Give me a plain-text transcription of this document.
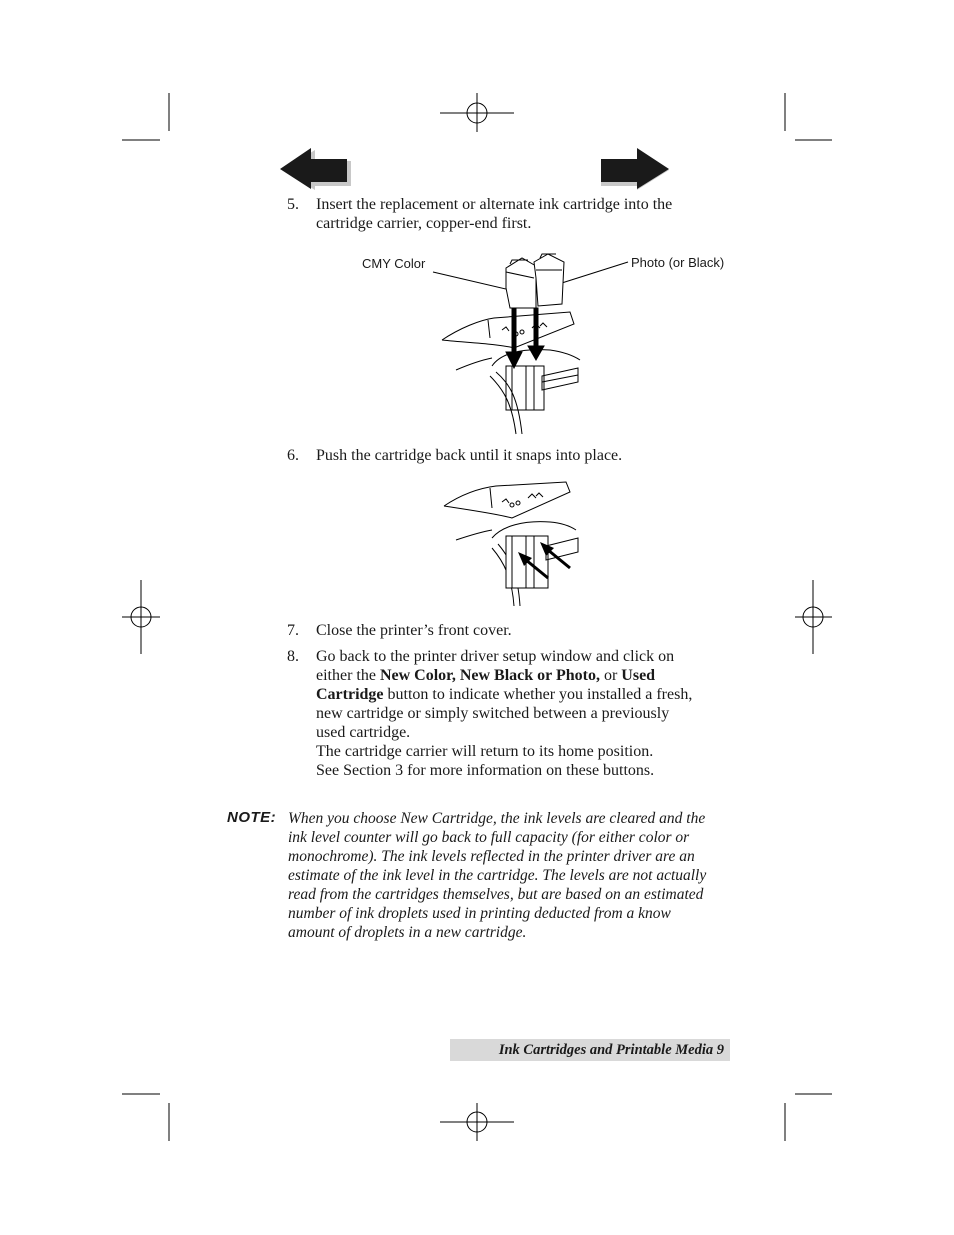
5. Insert the replacement or alternate ink cartridge into the

cartridge carrier, copper-end first.

CMY Color	Photo (or Black)
6. Push the cartridge back until it snaps into place.
7. Close the printer’s front cover.
8. Go back to the printer driver setup window and click on

either the New Color, New Black or Photo, or Used

Cartridge button to indicate whether you installed a fresh,

new cartridge or simply switched between a previously

used cartridge.

The cartridge carrier will return to its home position.

See Section 3 for more information on these buttons.

NOTE: When you choose New Cartridge, the ink levels are cleared and the
ink level counter will go back to full capacity (for either color or
monochrome). The ink levels reflected in the printer driver are an
estimate of the ink level in the cartridge. The levels are not actually
read from the cartridges themselves, but are based on an estimated
number of ink droplets used in printing deducted from a know
amount of droplets in a new cartridge.
Ink Cartridges and Printable Media 9
